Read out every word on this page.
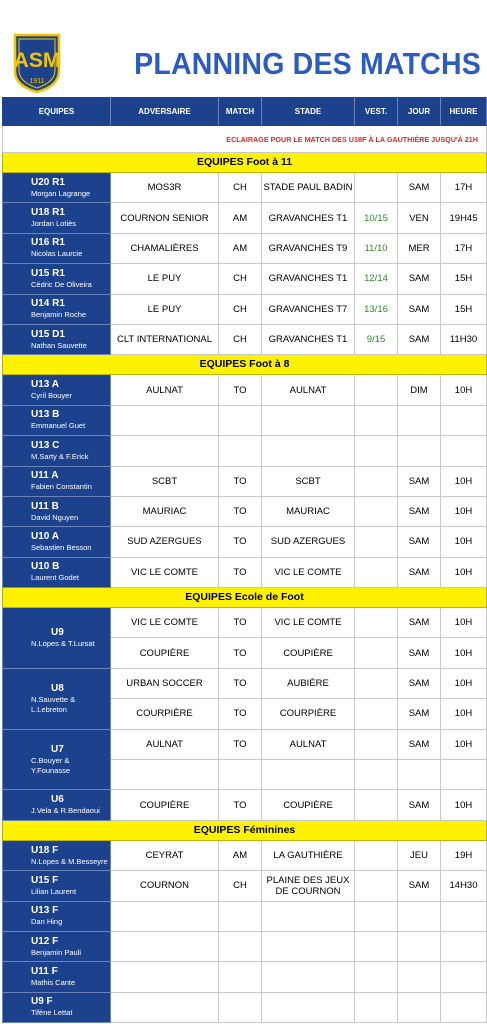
ASM
1911
PLANNING DES MATCHS
EQUIPES	ADVERSAIRE	MATCH	STADE	VEST.	JOUR	HEURE
ECLAIRAGE POUR LE MATCH DES U18F À LA GAUTHIÈRE JUSQU'À 21H						
EQUIPES Foot à 11						

U20 R1
Morgan Lagrange	MOS3R	CH	STADE PAUL BADIN		SAM	17H

U18 R1
Jordan Lotiès	COURNON SENIOR	AM	GRAVANCHES T1	10/15	VEN	19H45

U16 R1
Nicolas Laurcie	CHAMALIÈRES	AM	GRAVANCHES T9	11/10	MER	17H

U15 R1
Cédric De Oliveira	LE PUY	CH	GRAVANCHES T1	12/14	SAM	15H

U14 R1
Benjamin Roche	LE PUY	CH	GRAVANCHES T7	13/16	SAM	15H

U15 D1
Nathan Sauvette	CLT INTERNATIONAL	CH	GRAVANCHES T1	9/15	SAM	11H30
EQUIPES Foot à 8						

U13 A
Cyril Bouyer	AULNAT	TO	AULNAT		DIM	10H

U13 B
Emmanuel Guet						

U13 C
M.Sarty & F.Erick						

U11 A
Fabien Constantin	SCBT	TO	SCBT		SAM	10H

U11 B
David Nguyen	MAURIAC	TO	MAURIAC		SAM	10H

U10 A
Sebastien Besson	SUD AZERGUES	TO	SUD AZERGUES		SAM	10H

U10 B
Laurent Godet	VIC LE COMTE	TO	VIC LE COMTE		SAM	10H
EQUIPES Ecole de Foot						

U9
N.Lopes & T.Lursat	VIC LE COMTE	TO	VIC LE COMTE		SAM	10H
	COUPIÈRE	TO	COUPIÈRE		SAM	10H

U8
N.Sauvette & L.Lebreton	URBAN SOCCER	TO	AUBIÈRE		SAM	10H
	COURPIÈRE	TO	COURPIÈRE		SAM	10H

U7
C.Bouyer & Y.Founasse	AULNAT	TO	AULNAT		SAM	10H

U6
J.Vela & R.Bendaoui	COUPIÈRE	TO	COUPIÈRE		SAM	10H
EQUIPES Féminines						

U18 F
N.Lopes & M.Besseyre	CEYRAT	AM	LA GAUTHIÈRE		JEU	19H

U15 F
Lilian Laurent	COURNON	CH	PLAINE DES JEUX DE COURNON		SAM	14H30

U13 F
Dan Hing						

U12 F
Benjamin Pauli						

U11 F
Mathis Cante						

U9 F
Tifène Lettat						
